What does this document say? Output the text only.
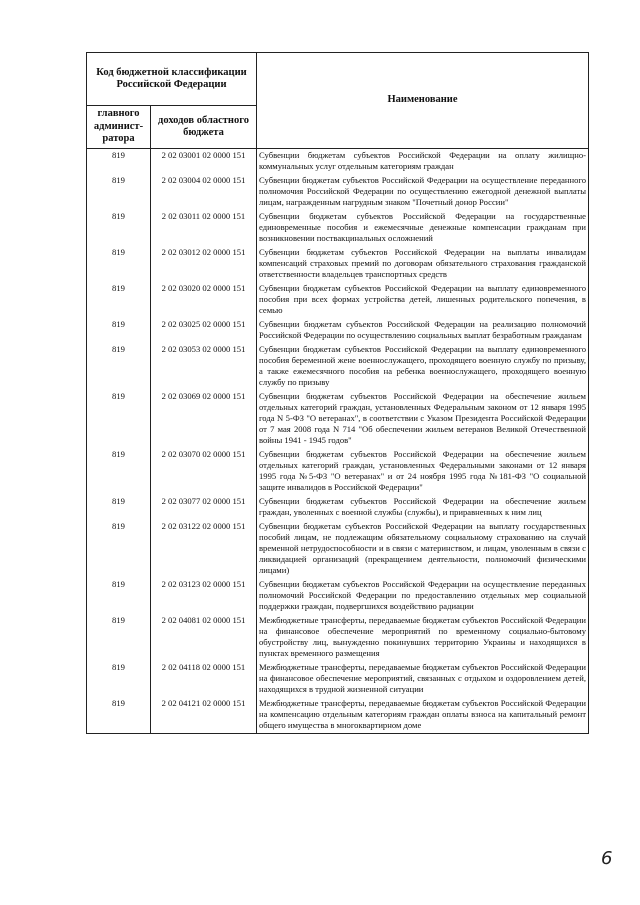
Код бюджетной классификации Российской Федерации		Наименование
главного админист-ратора	доходов областного бюджета	
819	2 02 03001 02 0000 151	Субвенции бюджетам субъектов Российской Федерации на оплату жилищно-коммунальных услуг отдельным категориям граждан
819	2 02 03004 02 0000 151	Субвенции бюджетам субъектов Российской Федерации на осуществление переданного полномочия Российской Федерации по осуществлению ежегодной денежной выплаты лицам, награжденным нагрудным знаком "Почетный донор России"
819	2 02 03011 02 0000 151	Субвенции бюджетам субъектов Российской Федерации на государственные единовременные пособия и ежемесячные денежные компенсации гражданам при возникновении поствакцинальных осложнений
819	2 02 03012 02 0000 151	Субвенции бюджетам субъектов Российской Федерации на выплаты инвалидам компенсаций страховых премий по договорам обязательного страхования гражданской ответственности владельцев транспортных средств
819	2 02 03020 02 0000 151	Субвенции бюджетам субъектов Российской Федерации на выплату единовременного пособия при всех формах устройства детей, лишенных родительского попечения, в семью
819	2 02 03025 02 0000 151	Субвенции бюджетам субъектов Российской Федерации на реализацию полномочий Российской Федерации по осуществлению социальных выплат безработным гражданам
819	2 02 03053 02 0000 151	Субвенции бюджетам субъектов Российской Федерации на выплату единовременного пособия беременной жене военнослужащего, проходящего военную службу по призыву, а также ежемесячного пособия на ребенка военнослужащего, проходящего военную службу по призыву
819	2 02 03069 02 0000 151	Субвенции бюджетам субъектов Российской Федерации на обеспечение жильем отдельных категорий граждан, установленных Федеральным законом от 12 января 1995 года N 5-ФЗ "О ветеранах", в соответствии с Указом Президента Российской Федерации от 7 мая 2008 года N 714 "Об обеспечении жильем ветеранов Великой Отечественной войны 1941 - 1945 годов"
819	2 02 03070 02 0000 151	Субвенции бюджетам субъектов Российской Федерации на обеспечение жильем отдельных категорий граждан, установленных Федеральными законами от 12 января 1995 года №5-ФЗ "О ветеранах" и от 24 ноября 1995 года №181-ФЗ "О социальной защите инвалидов в Российской Федерации"
819	2 02 03077 02 0000 151	Субвенции бюджетам субъектов Российской Федерации на обеспечение жильем граждан, уволенных с военной службы (службы), и приравненных к ним лиц
819	2 02 03122 02 0000 151	Субвенции бюджетам субъектов Российской Федерации на выплату государственных пособий лицам, не подлежащим обязательному социальному страхованию на случай временной нетрудоспособности и в связи с материнством, и лицам, уволенным в связи с ликвидацией организаций (прекращением деятельности, полномочий физическими лицами)
819	2 02 03123 02 0000 151	Субвенции бюджетам субъектов Российской Федерации на осуществление переданных полномочий Российской Федерации по предоставлению отдельных мер социальной поддержки граждан, подвергшихся воздействию радиации
819	2 02 04081 02 0000 151	Межбюджетные трансферты, передаваемые бюджетам субъектов Российской Федерации на финансовое обеспечение мероприятий по временному социально-бытовому обустройству лиц, вынужденно покинувших территорию Украины и находящихся в пунктах временного размещения
819	2 02 04118 02 0000 151	Межбюджетные трансферты, передаваемые бюджетам субъектов Российской Федерации на финансовое обеспечение мероприятий, связанных с отдыхом и оздоровлением детей, находящихся в трудной жизненной ситуации
819	2 02 04121 02 0000 151	Межбюджетные трансферты, передаваемые бюджетам субъектов Российской Федерации на компенсацию отдельным категориям граждан оплаты взноса на капитальный ремонт общего имущества в многоквартирном доме
6
